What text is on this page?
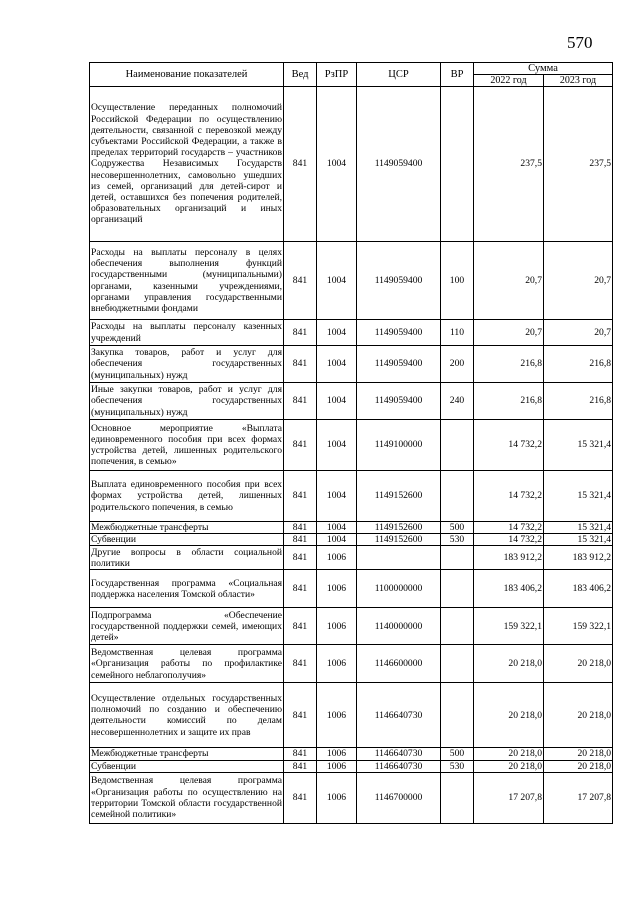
570
Наименование показателей	Вед	РзПР	ЦСР	ВР	Сумма	
					2022 год	2023 год
Осуществление переданных полномочий Российской Федерации по осуществлению деятельности, связанной с перевозкой между субъектами Российской Федерации, а также в пределах территорий государств – участников Содружества Независимых Государств несовершеннолетних, самовольно ушедших из семей, организаций для детей-сирот и детей, оставшихся без попечения родителей, образовательных организаций и иных организаций	841	1004	1149059400		237,5	237,5
Расходы на выплаты персоналу в целях обеспечения выполнения функций государственными (муниципальными) органами, казенными учреждениями, органами управления государственными внебюджетными фондами	841	1004	1149059400	100	20,7	20,7
Расходы на выплаты персоналу казенных учреждений	841	1004	1149059400	110	20,7	20,7
Закупка товаров, работ и услуг для обеспечения государственных (муниципальных) нужд	841	1004	1149059400	200	216,8	216,8
Иные закупки товаров, работ и услуг для обеспечения государственных (муниципальных) нужд	841	1004	1149059400	240	216,8	216,8
Основное мероприятие «Выплата единовременного пособия при всех формах устройства детей, лишенных родительского попечения, в семью»	841	1004	1149100000		14 732,2	15 321,4
Выплата единовременного пособия при всех формах устройства детей, лишенных родительского попечения, в семью	841	1004	1149152600		14 732,2	15 321,4
Межбюджетные трансферты	841	1004	1149152600	500	14 732,2	15 321,4
Субвенции	841	1004	1149152600	530	14 732,2	15 321,4
Другие вопросы в области социальной политики	841	1006			183 912,2	183 912,2
Государственная программа «Социальная поддержка населения Томской области»	841	1006	1100000000		183 406,2	183 406,2
Подпрограмма «Обеспечение государственной поддержки семей, имеющих детей»	841	1006	1140000000		159 322,1	159 322,1
Ведомственная целевая программа «Организация работы по профилактике семейного неблагополучия»	841	1006	1146600000		20 218,0	20 218,0
Осуществление отдельных государственных полномочий по созданию и обеспечению деятельности комиссий по делам несовершеннолетних и защите их прав	841	1006	1146640730		20 218,0	20 218,0
Межбюджетные трансферты	841	1006	1146640730	500	20 218,0	20 218,0
Субвенции	841	1006	1146640730	530	20 218,0	20 218,0
Ведомственная целевая программа «Организация работы по осуществлению на территории Томской области государственной семейной политики»	841	1006	1146700000		17 207,8	17 207,8
